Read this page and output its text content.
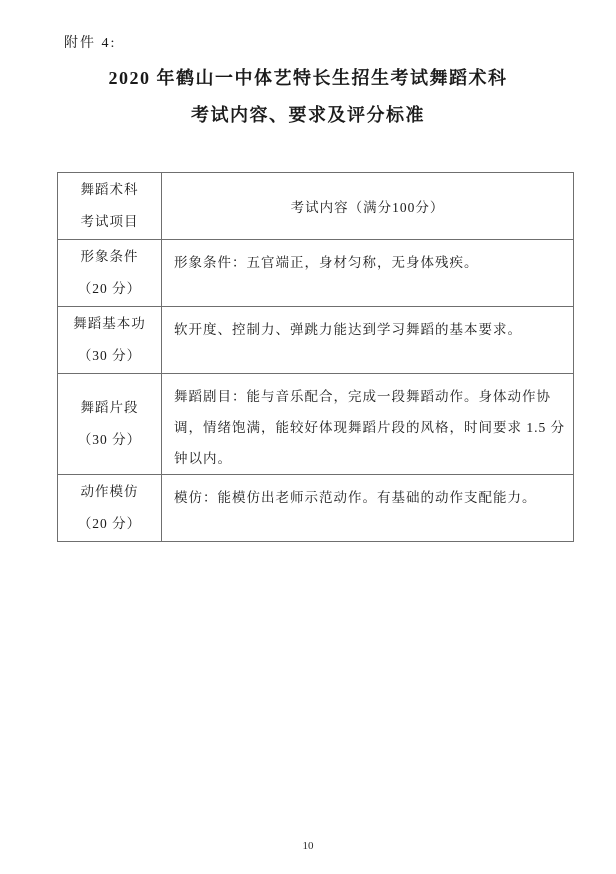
附件 4:
2020 年鹤山一中体艺特长生招生考试舞蹈术科
考试内容、要求及评分标准
舞蹈术科
考试项目	考试内容（满分100分）

形象条件
（20 分）	形象条件：五官端正，身材匀称，无身体残疾。

舞蹈基本功
（30 分）	软开度、控制力、弹跳力能达到学习舞蹈的基本要求。

舞蹈片段
（30 分）	舞蹈剧目：能与音乐配合，完成一段舞蹈动作。身体动作协调，情绪饱满，能较好体现舞蹈片段的风格，时间要求 1.5 分钟以内。

动作模仿
（20 分）	模仿：能模仿出老师示范动作。有基础的动作支配能力。
10
